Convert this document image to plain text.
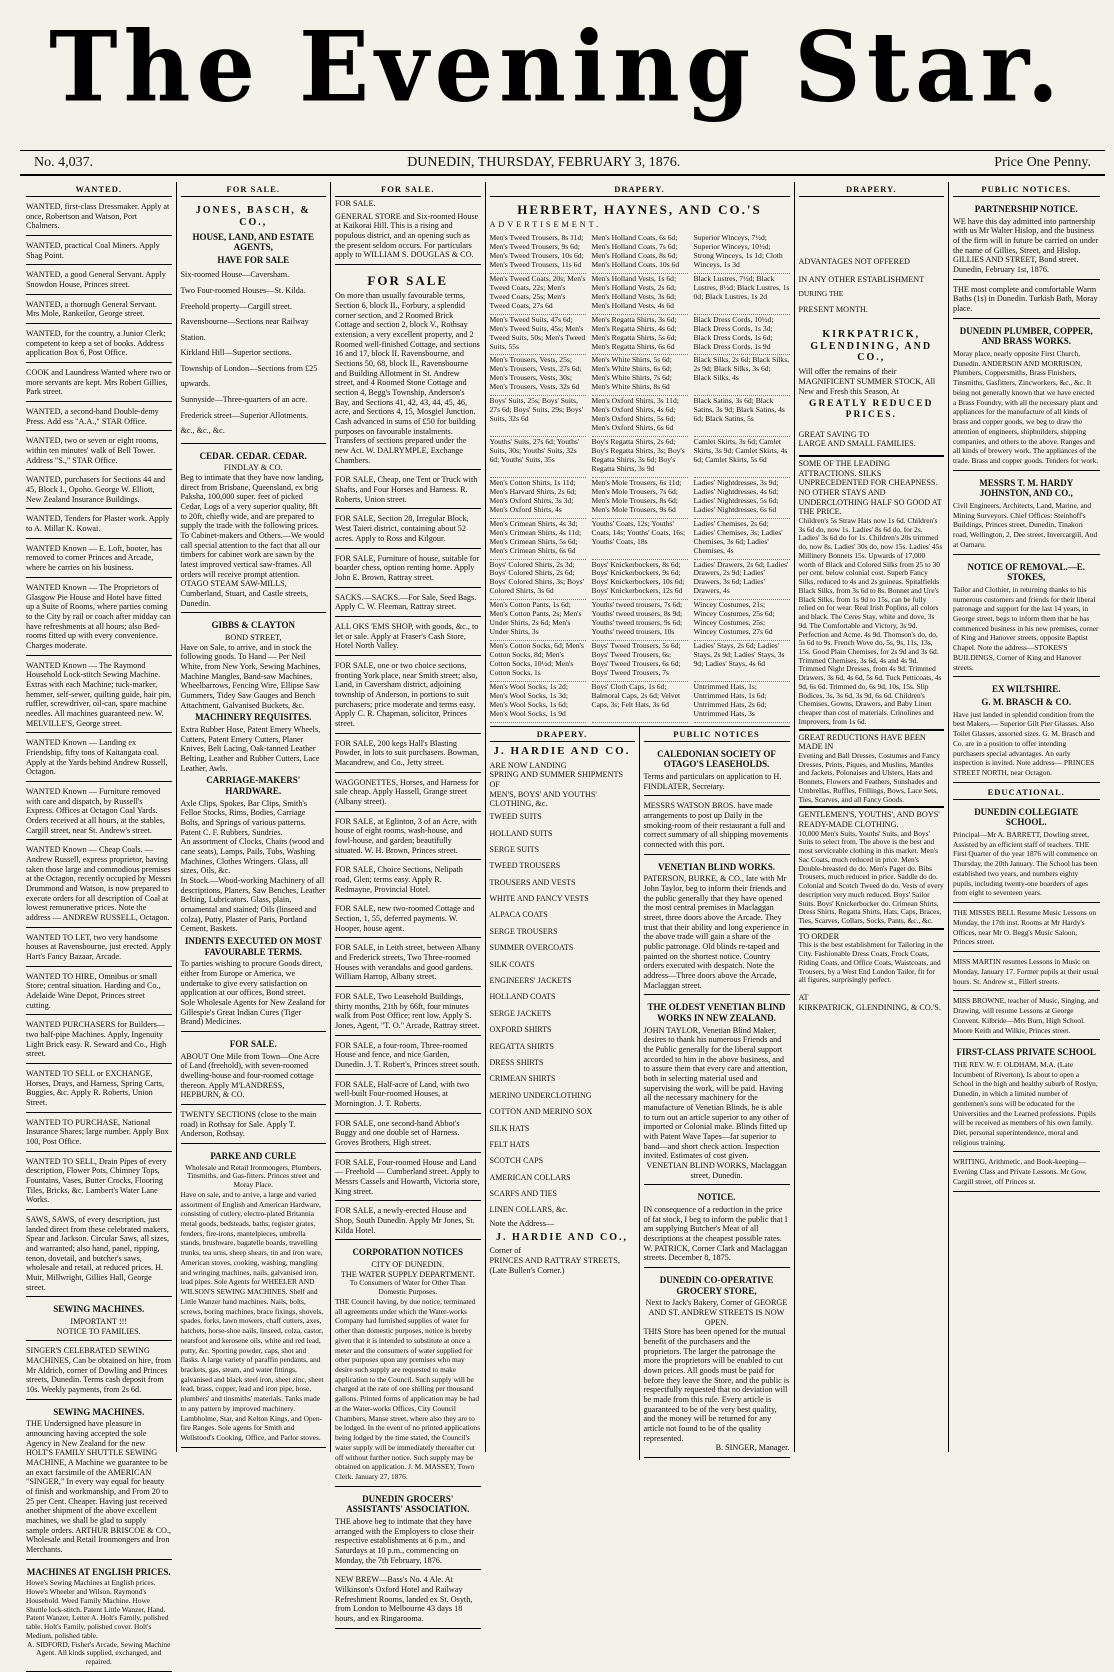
The Evening Star.
No. 4,037.	DUNEDIN, THURSDAY, FEBRUARY 3, 1876.	Price One Penny.
WANTED.
WANTED, first-class Dressmaker. Apply at once, Robertson and Watson, Port Chalmers.
WANTED, practical Coal Miners. Apply Shag Point.
WANTED, a good General Servant. Apply Snowdon House, Princes street.
WANTED, a thorough General Servant. Mrs Mole, Rankeilor, George street.
WANTED, for the country, a Junior Clerk; competent to keep a set of books. Address application Box 6, Post Office.
COOK and Laundress Wanted where two or more servants are kept. Mrs Robert Gillies, Park street.
WANTED, a second-hand Double-demy Press. Add ess "A.A.," STAR Office.
WANTED, two or seven or eight rooms, within ten minutes' walk of Bell Tower. Address "S.," STAR Office.
WANTED, purchasers for Sections 44 and 45, Block I., Opoho. George W. Elliott, New Zealand Insurance Buildings.
WANTED, Tenders for Plaster work. Apply to A. Millar K. Kowai.
WANTED Known — E. Loft, booter, has removed to corner Princes and Arcade, where he carries on his business.
WANTED Known — The Proprietors of Glasgow Pie House and Hotel have fitted up a Suite of Rooms, where parties coming to the City by rail or coach after midday can have refreshments at all hours; also Bed-rooms fitted up with every convenience. Charges moderate.
WANTED Known — The Raymond Household Lock-stitch Sewing Machine. Extras with each Machine; tuck-marker, hemmer, self-sewer, quilting guide, hair pin, ruffler, screwdriver, oil-can, spare machine needles. All machines guaranteed new. W. MELVILLE'S, George street.
WANTED Known — Landing ex Friendship, fifty tons of Kaitangata coal. Apply at the Yards behind Andrew Russell, Octagon.
WANTED Known — Furniture removed with care and dispatch, by Russell's Express. Offices at Octagon Coal Yards. Orders received at all hours, at the stables, Cargill street, near St. Andrew's street.
WANTED Known — Cheap Coals. — Andrew Russell, express proprietor, having taken those large and commodious premises at the Octagon, recently occupied by Messrs Drummond and Watson, is now prepared to execute orders for all description of Coal at lowest remunerative prices. Note the address — ANDREW RUSSELL, Octagon.
WANTED TO LET, two very handsome houses at Ravensbourne, just erected. Apply Hart's Fancy Bazaar, Arcade.
WANTED TO HIRE, Omnibus or small Store; central situation. Harding and Co., Adelaide Wine Depot, Princes street cutting.
WANTED PURCHASERS for Builders—two half-pipe Machines. Apply, Ingenuity Light Brick easy. R. Seward and Co., High street.
WANTED TO SELL or EXCHANGE, Horses, Drays, and Harness, Spring Carts, Buggies, &c. Apply R. Roberts, Union Street.
WANTED TO PURCHASE, National Insurance Shares; large number. Apply Box 100, Post Office.
WANTED TO SELL, Drain Pipes of every description, Flower Pots, Chimney Tops, Fountains, Vases, Butter Crocks, Flooring Tiles, Bricks, &c. Lambert's Water Lane Works.
SAWS, SAWS, of every description, just landed direct from these celebrated makers, Spear and Jackson. Circular Saws, all sizes, and warranted; also hand, panel, ripping, tenon, dovetail, and butcher's saws, wholesale and retail, at reduced prices. H. Muir, Millwright, Gillies Hall, George street.
SEWING MACHINES.
IMPORTANT !!!
NOTICE TO FAMILIES.
SINGER'S CELEBRATED SEWING MACHINES, Can be obtained on hire, from Mr Aldrich, corner of Dowling and Princes streets, Dunedin. Terms cash deposit from 10s. Weekly payments, from 2s 6d.
SEWING MACHINES.
THE Undersigned have pleasure in announcing having accepted the sole Agency in New Zealand for the new HOLT'S FAMILY SHUTTLE SEWING MACHINE, A Machine we guarantee to be an exact facsimile of the AMERICAN "SINGER," In every way equal for beauty of finish and workmanship, and From 20 to 25 per Cent. Cheaper. Having just received another shipment of the above excellent machines, we shall be glad to supply sample orders. ARTHUR BRISCOE & CO., Wholesale and Retail Ironmongers and Iron Merchants.
MACHINES AT ENGLISH PRICES.
Howe's Sewing Machines at English prices. Howe's Wheeler and Wilson. Raymond's Household. Weed Family Machine. Howe Shuttle lock-stitch. Patent Little Wanzer, Hand. Patent Wanzer, Letter A. Holt's Family, polished table. Holt's Family, polished cover. Holt's Medium, polished table.
A. SIDFORD, Fisher's Arcade, Sewing Machine Agent. All kinds supplied, exchanged, and repaired.
FOR SALE.
JONES, BASCH, & CO.,
HOUSE, LAND, AND ESTATE AGENTS,
HAVE FOR SALE
Six-roomed House—Caversham.
Two Four-roomed Houses—St. Kilda.
Freehold property—Cargill street.
Ravensbourne—Sections near Railway Station.
Kirkland Hill—Superior sections.
Township of London—Sections from £25 upwards.
Sunnyside—Three-quarters of an acre.
Frederick street—Superior Allotments.
&c., &c., &c.
CEDAR. CEDAR. CEDAR.
FINDLAY & CO.
Beg to intimate that they have now landing, direct from Brisbane, Queensland, ex brig Paksha, 100,000 super. feet of picked Cedar, Logs of a very superior quality, 8ft to 20ft, chiefly wide, and are prepared to supply the trade with the following prices. To Cabinet-makers and Others.—We would call special attention to the fact that all our timbers for cabinet work are sawn by the latest improved vertical saw-frames. All orders will receive prompt attention. OTAGO STEAM SAW-MILLS, Cumberland, Stuart, and Castle streets, Dunedin.
GIBBS & CLAYTON
BOND STREET,
Have on Sale, to arrive, and in stock the following goods. To Hand — Per Neil White, from New York, Sewing Machines, Machine Mangles, Band-saw Machines, Wheelbarrows, Fencing Wire, Ellipse Saw Gummers, Tidey Saw Gauges and Bench Attachment, Galvanised Buckets, &c.
MACHINERY REQUISITES.
Extra Rubber Hose, Patent Emery Wheels, Cutters, Patent Emery Cutters, Planer Knives, Belt Lacing, Oak-tanned Leather Belting, Leather and Rubber Cutters, Lace Leather, Awls.
CARRIAGE-MAKERS' HARDWARE.
Axle Clips, Spokes, Bar Clips, Smith's Felloe Stocks, Rims, Bodies, Carriage Bolts, and Springs of various patterns. Patent C. F. Rubbers, Sundries.
An assortment of Clocks, Chairs (wood and cane seats), Lamps, Pails, Tubs, Washing Machines, Clothes Wringers. Glass, all sizes, Oils, &c.
In Stock.—Wood-working Machinery of all descriptions, Planers, Saw Benches, Leather Belting, Lubricators. Glass, plain, ornamental and stained; Oils (linseed and colza), Putty, Plaster of Paris, Portland Cement, Baskets.
INDENTS EXECUTED ON MOST FAVOURABLE TERMS.
To parties wishing to procure Goods direct, either from Europe or America, we undertake to give every satisfaction on application at our offices, Bond street.
Sole Wholesale Agents for New Zealand for Gillespie's Great Indian Cures (Tiger Brand) Medicines.
FOR SALE.
ABOUT One Mile from Town—One Acre of Land (freehold), with seven-roomed dwelling-house and four-roomed cottage thereon. Apply M'LANDRESS, HEPBURN, & CO.
TWENTY SECTIONS (close to the main road) in Rothsay for Sale. Apply T. Anderson, Rothsay.
PARKE AND CURLE
Wholesale and Retail Ironmongers, Plumbers, Tinsmiths, and Gas-fitters. Princes street and Moray Place.
Have on sale, and to arrive, a large and varied assortment of English and American Hardware, consisting of cutlery, electro-plated Britannia metal goods, bedsteads, baths, register grates, fenders, fire-irons, mantelpieces, umbrella stands, brushware, bagatelle boards, travelling trunks, tea urns, sheep shears, tin and iron ware, American stoves, cooking, washing, mangling and wringing machines, nails, galvanised iron, lead pipes. Sole Agents for WHEELER AND WILSON'S SEWING MACHINES. Shelf and Little Wanzer hand machines. Nails, bolts, screws, boring machines, brace fixings, shovels, spades, forks, lawn mowers, chaff cutters, axes, hatchets, horse-shoe nails, linseed, colza, castor, neatsfoot and kerosene oils, white and red lead, putty, &c. Sporting powder, caps, shot and flasks. A large variety of paraffin pendants, and brackets, gas, steam, and water fittings, galvanised and black steel iron, sheet zinc, sheet lead, brass, copper, lead and iron pipe, hose, plumbers' and tinsmiths' materials. Tanks made to any pattern by improved machinery. Lambholme, Star, and Kelton Kings, and Open-fire Ranges. Sole agents for Smith and Wellstood's Cooking, Office, and Parlor stoves.
FOR SALE.
FOR SALE.
GENERAL STORE and Six-roomed House at Kaikorai Hill. This is a rising and populous district, and an opening such as the present seldom occurs. For particulars apply to WILLIAM S. DOUGLAS & CO.
FOR SALE
On more than usually favourable terms, Section 6, block II., Forbury, a splendid corner section, and 2 Roomed Brick Cottage and section 2, block V., Rothsay extension, a very excellent property, and 2 Roomed well-finished Cottage, and sections 16 and 17, block II. Ravensbourne, and Sections 50, 68, block II., Ravensbourne and Building Allotment in St. Andrew street, and 4 Roomed Stone Cottage and section 4, Begg's Township, Anderson's Bay, and Sections 41, 42, 43, 44, 45, 46, acre, and Sections 4, 15, Mosgiel Junction. Cash advanced in sums of £50 for building purposes on favourable instalments. Transfers of sections prepared under the new Act. W. DALRYMPLE, Exchange Chambers.
FOR SALE, Cheap, one Tent or Truck with Shafts, and Four Horses and Harness. R. Roberts, Union street.
FOR SALE, Section 28, Irregular Block, West Taieri district, containing about 52 acres. Apply to Ross and Kilgour.
FOR SALE, Furniture of house, suitable for boarder chess, option renting home. Apply John E. Brown, Rattray street.
SACKS.—SACKS.—For Sale, Seed Bags. Apply C. W. Fleeman, Rattray street.
ALL OKS 'EMS SHOP, with goods, &c., to let or sale. Apply at Fraser's Cash Store, Hotel North Valley.
FOR SALE, one or two choice sections, fronting York place, near Smith street; also, Land, in Caversham district, adjoining township of Anderson, in portions to suit purchasers; price moderate and terms easy. Apply C. R. Chapman, solicitor, Princes street.
FOR SALE, 200 kegs Hall's Blasting Powder, in lots to suit purchasers. Bowman, Macandrew, and Co., Jetty street.
WAGGONETTES, Horses, and Harness for sale cheap. Apply Hassell, Grange street (Albany street).
FOR SALE, at Eglinton, 3 of an Acre, with house of eight rooms, wash-house, and fowl-house, and garden; beautifully situated. W. H. Brown, Princes street.
FOR SALE, Choice Sections, Nelipath road, Glen; terms easy. Apply R. Redmayne, Provincial Hotel.
FOR SALE, new two-roomed Cottage and Section, 1, 55, deferred payments. W. Hooper, house agent.
FOR SALE, in Leith street, between Albany and Frederick streets, Two Three-roomed Houses with verandahs and good gardens. William Harrop, Albany street.
FOR SALE, Two Leasehold Buildings, thirty months, 21th by 66ft, four minutes walk from Post Office; rent low. Apply S. Jones, Agent, "T. O." Arcade, Rattray street.
FOR SALE, a four-room, Three-roomed House and fence, and nice Garden, Dunedin. J. T. Robert's, Princes street south.
FOR SALE, Half-acre of Land, with two well-built Four-roomed Houses, at Mornington. J. T. Roberts.
FOR SALE, one second-hand Abbot's Buggy and one double set of Harness. Groves Brothers, High street.
FOR SALE, Four-roomed House and Land — Freehold — Cumberland street. Apply to Messrs Cassels and Howarth, Victoria store, King street.
FOR SALE, a newly-erected House and Shop, South Dunedin. Apply Mr Jones, St. Kilda Hotel.
CORPORATION NOTICES
CITY OF DUNEDIN.
THE WATER SUPPLY DEPARTMENT.
To Consumers of Water for Other Than Domestic Purposes.
THE Council having, by due notice, terminated all agreements under which the Water-works Company had furnished supplies of water for other than domestic purposes, notice is hereby given that it is intended to substitute at once a meter and the consumers of water supplied for other purposes upon any premises who may desire such supply are requested to make application to the Council. Such supply will be charged at the rate of one shilling per thousand gallons. Printed forms of application may be had at the Water-works Offices, City Council Chambers, Manse street, where also they are to be lodged. In the event of no printed applications being lodged by the time stated, the Council's water supply will be immediately thereafter cut off without further notice. Such supply may be obtained on application. J. M. MASSEY, Town Clerk. January 27, 1876.
DUNEDIN GROCERS' ASSISTANTS' ASSOCIATION.
THE above beg to intimate that they have arranged with the Employers to close their respective establishments at 6 p.m., and Saturdays at 10 p.m., commencing on Monday, the 7th February, 1876.
NEW BREW—Bass's No. 4 Ale. At Wilkinson's Oxford Hotel and Railway Refreshment Rooms, landed ex St. Osyth, from London to Melbourne 43 days 18 hours, and ex Ringarooma.
DRAPERY.
HERBERT, HAYNES, AND CO.'S
ADVERTISEMENT.
Men's Tweed Trousers, 8s 11d; Men's Tweed Trousers, 9s 6d; Men's Tweed Trousers, 10s 6d; Men's Tweed Trousers, 11s 6d
Men's Holland Coats, 6s 6d; Men's Holland Coats, 7s 6d; Men's Holland Coats, 8s 6d; Men's Holland Coats, 10s 6d
Superior Winceys, 7½d; Superior Winceys, 10½d; Strong Winceys, 1s 1d; Cloth Winceys, 1s 3d
Men's Tweed Coats, 20s; Men's Tweed Coats, 22s; Men's Tweed Coats, 25s; Men's Tweed Coats, 27s 6d
Men's Holland Vests, 1s 6d; Men's Holland Vests, 2s 6d; Men's Holland Vests, 3s 6d; Men's Holland Vests, 4s 6d
Black Lustres, 7½d; Black Lustres, 8½d; Black Lustres, 1s 0d; Black Lustres, 1s 2d
Men's Tweed Suits, 47s 6d; Men's Tweed Suits, 45s; Men's Tweed Suits, 50s; Men's Tweed Suits, 55s
Men's Regatta Shirts, 3s 6d; Men's Regatta Shirts, 4s 6d; Men's Regatta Shirts, 5s 6d; Men's Regatta Shirts, 6s 6d
Black Dress Cords, 10½d; Black Dress Cords, 1s 3d; Black Dress Cords, 1s 6d; Black Dress Cords, 1s 9d
Men's Trousers, Vests, 25s; Men's Trousers, Vests, 27s 6d; Men's Trousers, Vests, 30s; Men's Trousers, Vests, 32s 6d
Men's White Shirts, 5s 6d; Men's White Shirts, 6s 6d; Men's White Shirts, 7s 6d; Men's White Shirts, 8s 6d
Black Silks, 2s 6d; Black Silks, 2s 9d; Black Silks, 3s 6d; Black Silks, 4s
Boys' Suits, 25s; Boys' Suits, 27s 6d; Boys' Suits, 29s; Boys' Suits, 32s 6d
Men's Oxford Shirts, 3s 11d; Men's Oxford Shirts, 4s 6d; Men's Oxford Shirts, 5s 6d; Men's Oxford Shirts, 6s 6d
Black Satins, 3s 6d; Black Satins, 3s 9d; Black Satins, 4s 6d; Black Satins, 5s
Youths' Suits, 27s 6d; Youths' Suits, 30s; Youths' Suits, 32s 6d; Youths' Suits, 35s
Boy's Regatta Shirts, 2s 6d; Boy's Regatta Shirts, 3s; Boy's Regatta Shirts, 3s 6d; Boy's Regatta Shirts, 3s 9d
Camlet Skirts, 3s 6d; Camlet Skirts, 3s 9d; Camlet Skirts, 4s 6d; Camlet Skirts, 5s 6d
Men's Cotton Shirts, 1s 11d; Men's Harvard Shirts, 2s 6d; Men's Oxford Shirts, 3s 3d; Men's Oxford Shirts, 4s
Men's Mole Trousers, 6s 11d; Men's Mole Trousers, 7s 6d; Men's Mole Trousers, 8s 6d; Men's Mole Trousers, 9s 6d
Ladies' Nightdresses, 3s 9d; Ladies' Nightdresses, 4s 6d; Ladies' Nightdresses, 5s 6d; Ladies' Nightdresses, 6s 6d
Men's Crimean Shirts, 4s 3d; Men's Crimean Shirts, 4s 11d; Men's Crimean Shirts, 5s 6d; Men's Crimean Shirts, 6s 6d
Youths' Coats, 12s; Youths' Coats, 14s; Youths' Coats, 16s; Youths' Coats, 18s
Ladies' Chemises, 2s 6d; Ladies' Chemises, 3s; Ladies' Chemises, 3s 6d; Ladies' Chemises, 4s
Boys' Colored Shirts, 2s 3d; Boys' Colored Shirts, 2s 6d; Boys' Colored Shirts, 3s; Boys' Colored Shirts, 3s 6d
Boys' Knickerbockers, 8s 6d; Boys' Knickerbockers, 9s 6d; Boys' Knickerbockers, 10s 6d; Boys' Knickerbockers, 12s 6d
Ladies' Drawers, 2s 6d; Ladies' Drawers, 2s 9d; Ladies' Drawers, 3s 6d; Ladies' Drawers, 4s
Men's Cotton Pants, 1s 6d; Men's Cotton Pants, 2s; Men's Under Shirts, 2s 6d; Men's Under Shirts, 3s
Youths' tweed trousers, 7s 6d; Youths' tweed trousers, 8s 9d; Youths' tweed trousers, 9s 6d; Youths' tweed trousers, 10s
Wincey Costumes, 21s; Wincey Costumes, 25s 6d; Wincey Costumes, 25s; Wincey Costumes, 27s 6d
Men's Cotton Socks, 6d; Men's Cotton Socks, 8d; Men's Cotton Socks, 10½d; Men's Cotton Socks, 1s
Boys' Tweed Trousers, 5s 6d; Boys' Tweed Trousers, 6s; Boys' Tweed Trousers, 6s 6d; Boys' Tweed Trousers, 7s
Ladies' Stays, 2s 6d; Ladies' Stays, 2s 9d; Ladies' Stays, 3s 9d; Ladies' Stays, 4s 6d
Men's Wool Socks, 1s 2d; Men's Wool Socks, 1s 3d; Men's Wool Socks, 1s 6d; Men's Wool Socks, 1s 9d
Boys' Cloth Caps, 1s 6d; Balmoral Caps, 2s 6d; Velvet Caps, 3s; Felt Hats, 3s 6d
Untrimmed Hats, 1s; Untrimmed Hats, 1s 6d; Untrimmed Hats, 2s 6d; Untrimmed Hats, 3s
DRAPERY.
J. HARDIE AND CO.
ARE NOW LANDING
SPRING AND SUMMER SHIPMENTS
OF
MEN'S, BOYS' AND YOUTHS'
CLOTHING, &c.
TWEED SUITS
HOLLAND SUITS
SERGE SUITS
TWEED TROUSERS
TROUSERS AND VESTS
WHITE AND FANCY VESTS
ALPACA COATS
SERGE TROUSERS
SUMMER OVERCOATS
SILK COATS
ENGINEERS' JACKETS
HOLLAND COATS
SERGE JACKETS
OXFORD SHIRTS
REGATTA SHIRTS
DRESS SHIRTS
CRIMEAN SHIRTS
MERINO UNDERCLOTHING
COTTON AND MERINO SOX
SILK HATS
FELT HATS
SCOTCH CAPS
AMERICAN COLLARS
SCARFS AND TIES
LINEN COLLARS, &c.
Note the Address—
J. HARDIE AND CO.,
Corner of
PRINCES AND RATTRAY STREETS,
(Late Bullen's Corner.)
PUBLIC NOTICES
CALEDONIAN SOCIETY OF OTAGO'S LEASEHOLDS.
Terms and particulars on application to H. FINDLATER, Secretary.
MESSRS WATSON BROS. have made arrangements to post up Daily in the smoking-room of their restaurant a full and correct summary of all shipping movements connected with this port.
VENETIAN BLIND WORKS.
PATERSON, BURKE, & CO., late with Mr John Taylor, beg to inform their friends and the public generally that they have opened the most central premises in Maclaggan street, three doors above the Arcade. They trust that their ability and long experience in the above trade will gain a share of the public patronage. Old blinds re-taped and painted on the shortest notice. Country orders executed with despatch. Note the address—Three doors above the Arcade, Maclaggan street.
THE OLDEST VENETIAN BLIND WORKS IN NEW ZEALAND.
JOHN TAYLOR, Venetian Blind Maker, desires to thank his numerous Friends and the Public generally for the liberal support accorded to him in the above business, and to assure them that every care and attention, both in selecting material used and supervising the work, will be paid. Having all the necessary machinery for the manufacture of Venetian Blinds, he is able to turn out an article superior to any other of imported or Colonial make. Blinds fitted up with Patent Wave Tapes—far superior to band—and short check action. Inspection invited. Estimates of cost given.
VENETIAN BLIND WORKS, Maclaggan street, Dunedin.
NOTICE.
IN consequence of a reduction in the price of fat stock, I beg to inform the public that I am supplying Butcher's Meat of all descriptions at the cheapest possible rates. W. PATRICK, Corner Clark and Maclaggan streets. December 8, 1875.
DUNEDIN CO-OPERATIVE GROCERY STORE,
Next to Jack's Bakery, Corner of GEORGE AND ST. ANDREW STREETS IS NOW OPEN.
THIS Store has been opened for the mutual benefit of the purchasers and the proprietors. The larger the patronage the more the proprietors will be enabled to cut down prices. All goods must be paid for before they leave the Store, and the public is respectfully requested that no deviation will be made from this rule. Every article is guaranteed to be of the very best quality, and the money will be returned for any article not found to be of the quality represented.
B. SINGER, Manager.
DRAPERY.
ADVANTAGES NOT OFFERED
IN ANY OTHER ESTABLISHMENT
DURING THE
PRESENT MONTH.
KIRKPATRICK, GLENDINING, AND CO.,
Will offer the remains of their MAGNIFICENT SUMMER STOCK, All New and Fresh this Season, At
GREATLY REDUCED PRICES.
GREAT SAVING TO
LARGE AND SMALL FAMILIES.
SOME OF THE LEADING ATTRACTIONS. SILKS UNPRECEDENTED FOR CHEAPNESS. NO OTHER STAYS AND UNDERCLOTHING HALF SO GOOD AT THE PRICE.
Children's 5s Straw Hats now 1s 6d. Children's 3s 6d do, now 1s. Ladies' 8s 6d do, for 2s. Ladies' 3s 6d do for 1s. Children's 20s trimmed do, now 8s. Ladies' 30s do, now 15s. Ladies' 45s Millinery Bonnets 15s. Upwards of 17,000 worth of Black and Colored Silks from 25 to 30 per cent. below colonial cost. Superb Fancy Silks, reduced to 4s and 2s guineas. Spitalfields Black Silks, from 3s 6d to 8s. Bonnet and Ure's Black Silks, from 1s 9d to 15s, can be fully relied on for wear. Real Irish Poplins, all colors and black. The Ceres Stay, white and dove, 3s 9d. The Comfortable and Victory, 3s 9d. Perfection and Acme, 4s 9d. Thomson's do, do, 5s 6d to 9s. French Wove do, 5s, 9s, 11s, 13s, 15s. Good Plain Chemises, for 2s 9d and 3s 6d. Trimmed Chemises, 3s 6d, 4s and 4s 9d. Trimmed Night Dresses, from 4s 9d. Trimmed Drawers, 3s 6d, 4s 6d, 5s 6d. Tuck Petticoats, 4s 9d, 6s 6d. Trimmed do, 6s 9d, 10s, 15s. Slip Bodices, 3s, 3s 6d, 3s 9d, 6s 6d. Children's Chemises, Gowns, Drawers, and Baby Linen cheaper than cost of materials. Crinolines and Improvers, from 1s 6d.
GREAT REDUCTIONS HAVE BEEN MADE IN
Evening and Ball Dresses, Costumes and Fancy Dresses, Prints, Piques, and Muslins, Mantles and Jackets, Polonaises and Ulsters, Hats and Bonnets, Flowers and Feathers, Sunshades and Umbrellas, Ruffles, Frillings, Bows, Lace Sets, Ties, Scarves, and all Fancy Goods.
GENTLEMEN'S, YOUTHS', AND BOYS' READY-MADE CLOTHING.
10,000 Men's Suits, Youths' Suits, and Boys' Suits to select from. The above is the best and most serviceable clothing in this market. Men's Sac Coats, much reduced in price. Men's Double-breasted do do. Men's Paget do. Bibs Trousers, much reduced in price. Saddle do do. Colonial and Scotch Tweed do do. Vests of every description very much reduced. Boys' Sailor Suits. Boys' Knickerbocker do. Crimean Shirts, Dress Shirts, Regatta Shirts, Hats, Caps, Braces, Ties, Scarves, Collars, Socks, Pants, &c., &c.
TO ORDER
This is the best establishment for Tailoring in the City. Fashionable Dress Coats, Frock Coats, Riding Coats, and Office Coats, Waistcoats, and Trousers, by a West End London Tailor, fit for all figures, surprisingly perfect.
AT
KIRKPATRICK, GLENDINING, & CO.'S.
PUBLIC NOTICES.
PARTNERSHIP NOTICE.
WE have this day admitted into partnership with us Mr Walter Hislop, and the business of the firm will in future be carried on under the name of Gillies, Street, and Hislop. GILLIES AND STREET, Bond street. Dunedin, February 1st, 1876.
THE most complete and comfortable Warm Baths (1s) in Dunedin. Turkish Bath, Moray place.
DUNEDIN PLUMBER, COPPER, AND BRASS WORKS.
Moray place, nearly opposite First Church, Dunedin. ANDERSON AND MORRISON, Plumbers, Coppersmiths, Brass Finishers, Tinsmiths, Gasfitters, Zincworkers, &c., &c. It being not generally known that we have erected a Brass Foundry, with all the necessary plant and appliances for the manufacture of all kinds of brass and copper goods, we beg to draw the attention of engineers, shipbuilders, shipping companies, and others to the above. Ranges and all kinds of brewery work. The appliances of the trade. Brass and copper goods. Tenders for work.
MESSRS T. M. HARDY JOHNSTON, AND CO.,
Civil Engineers, Architects, Land, Marine, and Mining Surveyors. Chief Offices: Steinhoff's Buildings, Princes street, Dunedin, Tinakori road, Wellington, 2, Dee street, Invercargill, And at Oamaru.
NOTICE OF REMOVAL.—E. STOKES,
Tailor and Clothier, in returning thanks to his numerous customers and friends for their liberal patronage and support for the last 14 years, in George street, begs to inform them that he has commenced business in his new premises, corner of King and Hanover streets, opposite Baptist Chapel. Note the address—STOKES'S BUILDINGS, Corner of King and Hanover streets.
EX WILTSHIRE.
G. M. BRASCH & CO.
Have just landed in splendid condition from the best Makers,— Superior Gilt Pier Glasses. Also Toilet Glasses, assorted sizes. G. M. Brasch and Co. are in a position to offer intending purchasers special advantages. An early inspection is invited. Note address— PRINCES STREET NORTH, near Octagon.
EDUCATIONAL.
DUNEDIN COLLEGIATE SCHOOL.
Principal—Mr A. BARRETT, Dowling street, Assisted by an efficient staff of teachers. THE First Quarter of the year 1876 will commence on Thursday, the 20th January. The School has been established two years, and numbers eighty pupils, including twenty-one boarders of ages from eight to seventeen years.
THE MISSES BELL Resume Music Lessons on Monday, the 17th inst. Rooms at Mr Hardy's Offices, near Mr O. Begg's Music Saloon, Princes street.
MISS MARTIN resumes Lessons in Music on Monday, January 17. Former pupils at their usual hours. St. Andrew st., Fillerl streets.
MISS BROWNE, teacher of Music, Singing, and Drawing, will resume Lessons at George Convent. Kilbride—Mrs Burn, High School. Moore Keith and Wilkie, Princes street.
FIRST-CLASS PRIVATE SCHOOL
THE REV. W. F. OLDHAM, M.A. (Late Incumbent of Riverton), Is about to open a School in the high and healthy suburb of Roslyn, Dunedin, in which a limited number of gentlemen's sons will be educated for the Universities and the Learned professions. Pupils will be received as members of his own family. Diet, personal superintendence, moral and religious training.
WRITING, Arithmetic, and Book-keeping—Evening Class and Private Lessons. Mr Gow, Cargill street, off Princes st.
